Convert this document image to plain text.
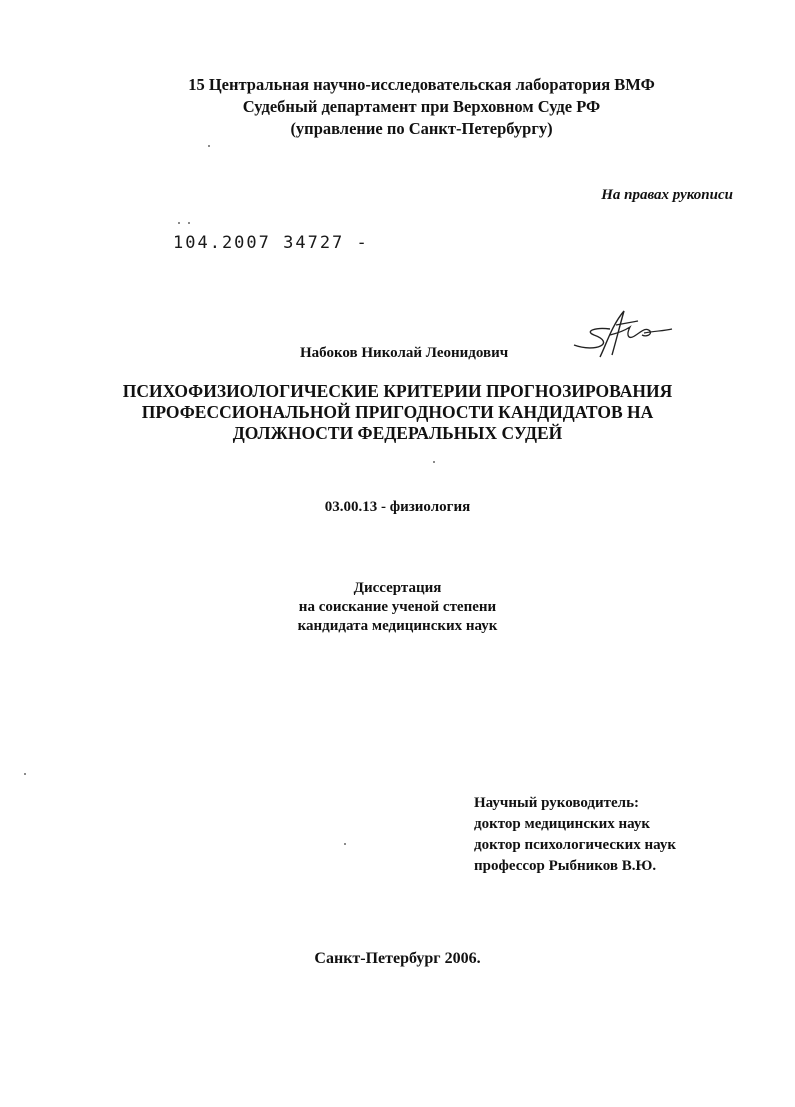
15 Центральная научно-исследовательская лаборатория ВМФ
Судебный департамент при Верховном Суде РФ
(управление по Санкт-Петербургу)
На правах рукописи
104.2007 34727 -
Набоков Николай Леонидович
ПСИХОФИЗИОЛОГИЧЕСКИЕ КРИТЕРИИ ПРОГНОЗИРОВАНИЯ
ПРОФЕССИОНАЛЬНОЙ ПРИГОДНОСТИ КАНДИДАТОВ НА
ДОЛЖНОСТИ ФЕДЕРАЛЬНЫХ СУДЕЙ
03.00.13 - физиология
Диссертация
на соискание ученой степени
кандидата медицинских наук
Научный руководитель:
доктор медицинских наук
доктор психологических наук
профессор Рыбников В.Ю.
Санкт-Петербург 2006.
